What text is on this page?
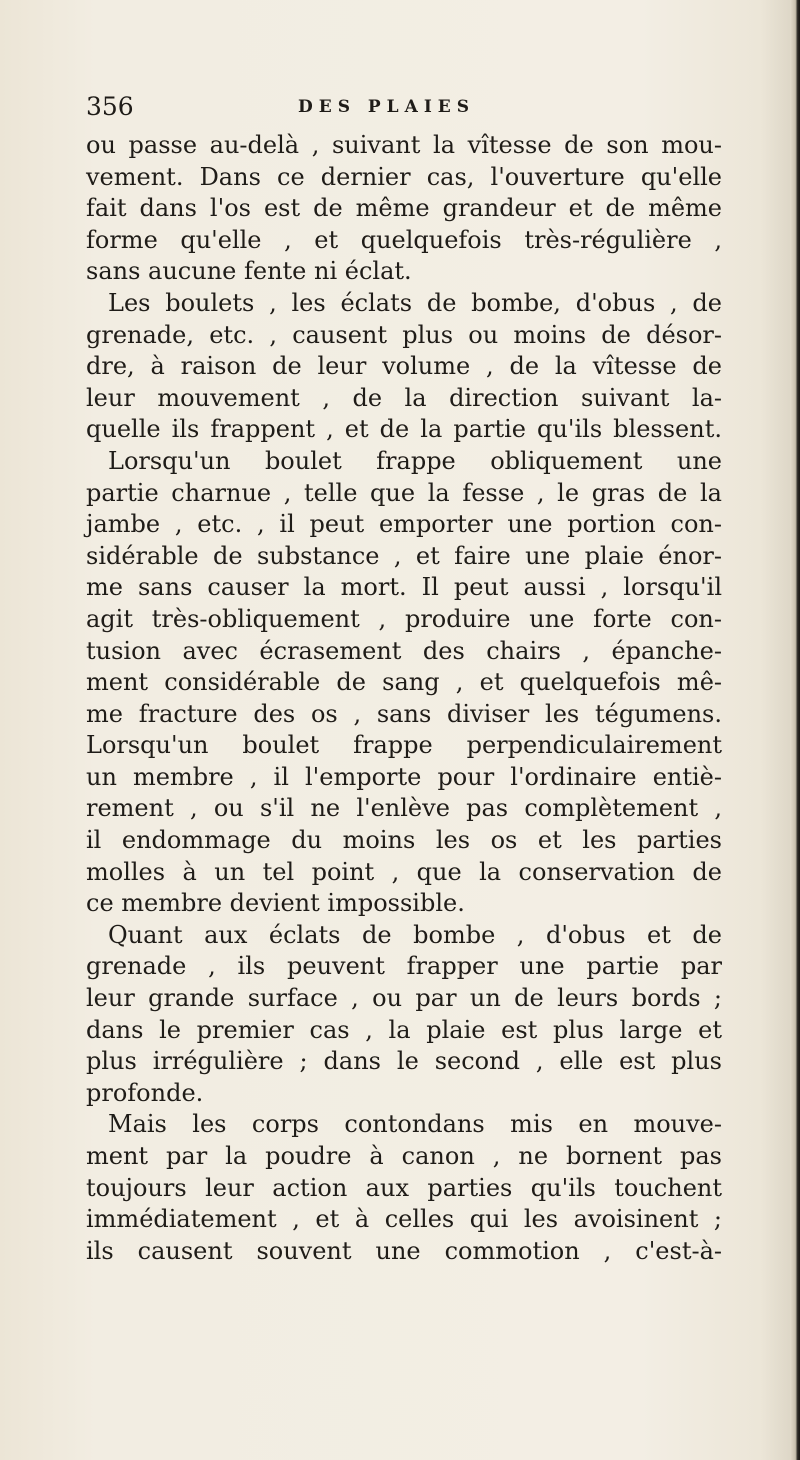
356	DES PLAIES
ou passe au-delà , suivant la vîtesse de son mou-
vement. Dans ce dernier cas, l'ouverture qu'elle
fait dans l'os est de même grandeur et de même
forme qu'elle , et quelquefois très-régulière ,
sans aucune fente ni éclat.
Les boulets , les éclats de bombe, d'obus , de
grenade, etc. , causent plus ou moins de désor-
dre, à raison de leur volume , de la vîtesse de
leur mouvement , de la direction suivant la-
quelle ils frappent , et de la partie qu'ils blessent.
Lorsqu'un boulet frappe obliquement une
partie charnue , telle que la fesse , le gras de la
jambe , etc. , il peut emporter une portion con-
sidérable de substance , et faire une plaie énor-
me sans causer la mort. Il peut aussi , lorsqu'il
agit très-obliquement , produire une forte con-
tusion avec écrasement des chairs , épanche-
ment considérable de sang , et quelquefois mê-
me fracture des os , sans diviser les tégumens.
Lorsqu'un boulet frappe perpendiculairement
un membre , il l'emporte pour l'ordinaire entiè-
rement , ou s'il ne l'enlève pas complètement ,
il endommage du moins les os et les parties
molles à un tel point , que la conservation de
ce membre devient impossible.
Quant aux éclats de bombe , d'obus et de
grenade , ils peuvent frapper une partie par
leur grande surface , ou par un de leurs bords ;
dans le premier cas , la plaie est plus large et
plus irrégulière ; dans le second , elle est plus
profonde.
Mais les corps contondans mis en mouve-
ment par la poudre à canon , ne bornent pas
toujours leur action aux parties qu'ils touchent
immédiatement , et à celles qui les avoisinent ;
ils causent souvent une commotion , c'est-à-
